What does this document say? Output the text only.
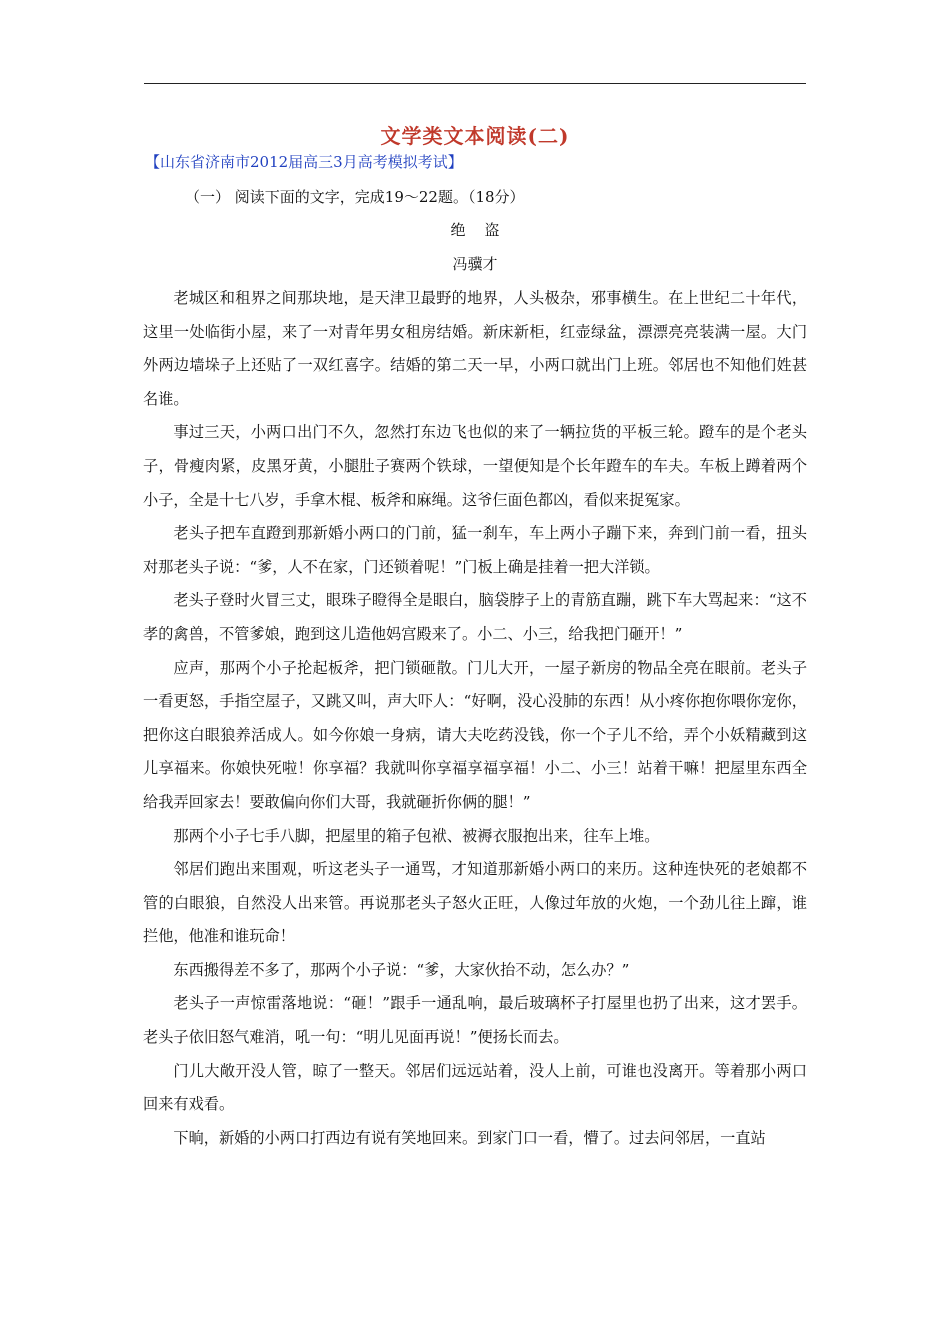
文学类文本阅读(二)
【山东省济南市2012届高三3月高考模拟考试】
（一） 阅读下面的文字，完成19～22题。（18分）
绝    盗
冯骥才

老城区和租界之间那块地，是天津卫最野的地界，人头极杂，邪事横生。在上世纪二十年代，这里一处临街小屋，来了一对青年男女租房结婚。新床新柜，红壶绿盆，漂漂亮亮装满一屋。大门外两边墙垛子上还贴了一双红喜字。结婚的第二天一早，小两口就出门上班。邻居也不知他们姓甚名谁。

事过三天，小两口出门不久，忽然打东边飞也似的来了一辆拉货的平板三轮。蹬车的是个老头子，骨瘦肉紧，皮黑牙黄，小腿肚子赛两个铁球，一望便知是个长年蹬车的车夫。车板上蹲着两个小子，全是十七八岁，手拿木棍、板斧和麻绳。这爷仨面色都凶，看似来捉冤家。

老头子把车直蹬到那新婚小两口的门前，猛一刹车，车上两小子蹦下来，奔到门前一看，扭头对那老头子说：“爹，人不在家，门还锁着呢！”门板上确是挂着一把大洋锁。

老头子登时火冒三丈，眼珠子瞪得全是眼白，脑袋脖子上的青筋直蹦，跳下车大骂起来：“这不孝的禽兽，不管爹娘，跑到这儿造他妈宫殿来了。小二、小三，给我把门砸开！”

应声，那两个小子抡起板斧，把门锁砸散。门儿大开，一屋子新房的物品全亮在眼前。老头子一看更怒，手指空屋子，又跳又叫，声大吓人：“好啊，没心没肺的东西！从小疼你抱你喂你宠你，把你这白眼狼养活成人。如今你娘一身病，请大夫吃药没钱，你一个子儿不给，弄个小妖精藏到这儿享福来。你娘快死啦！你享福？我就叫你享福享福享福！小二、小三！站着干嘛！把屋里东西全给我弄回家去！要敢偏向你们大哥，我就砸折你俩的腿！”

那两个小子七手八脚，把屋里的箱子包袱、被褥衣服抱出来，往车上堆。

邻居们跑出来围观，听这老头子一通骂，才知道那新婚小两口的来历。这种连快死的老娘都不管的白眼狼，自然没人出来管。再说那老头子怒火正旺，人像过年放的火炮，一个劲儿往上蹿，谁拦他，他准和谁玩命！

东西搬得差不多了，那两个小子说：“爹，大家伙抬不动，怎么办？”

老头子一声惊雷落地说：“砸！”跟手一通乱响，最后玻璃杯子打屋里也扔了出来，这才罢手。老头子依旧怒气难消，吼一句：“明儿见面再说！”便扬长而去。

门儿大敞开没人管，晾了一整天。邻居们远远站着，没人上前，可谁也没离开。等着那小两口回来有戏看。

下晌，新婚的小两口打西边有说有笑地回来。到家门口一看，懵了。过去问邻居，一直站
